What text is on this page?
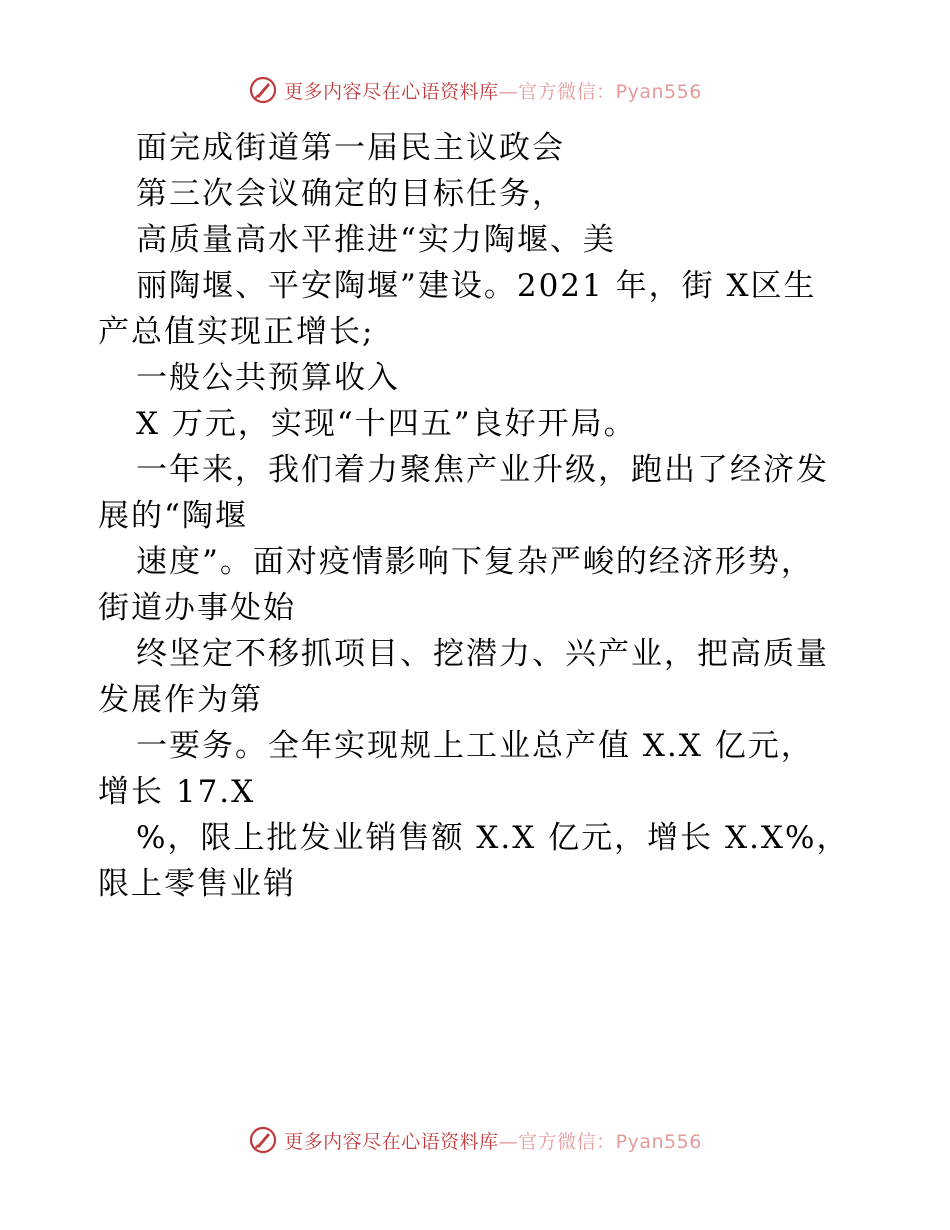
更多内容尽在心语资料库—官方微信：Pyan556
面完成街道第一届民主议政会
第三次会议确定的目标任务，
高质量高水平推进“实力陶堰、美
丽陶堰、平安陶堰”建设。2021 年，街 X区生
产总值实现正增长;
一般公共预算收入
X 万元，实现“十四五”良好开局。
一年来，我们着力聚焦产业升级，跑出了经济发
展的“陶堰
速度”。面对疫情影响下复杂严峻的经济形势，
街道办事处始
终坚定不移抓项目、挖潜力、兴产业，把高质量
发展作为第
一要务。全年实现规上工业总产值 X.X 亿元，
增长 17.X
%，限上批发业销售额 X.X 亿元，增长 X.X%，
限上零售业销
更多内容尽在心语资料库—官方微信：Pyan556
